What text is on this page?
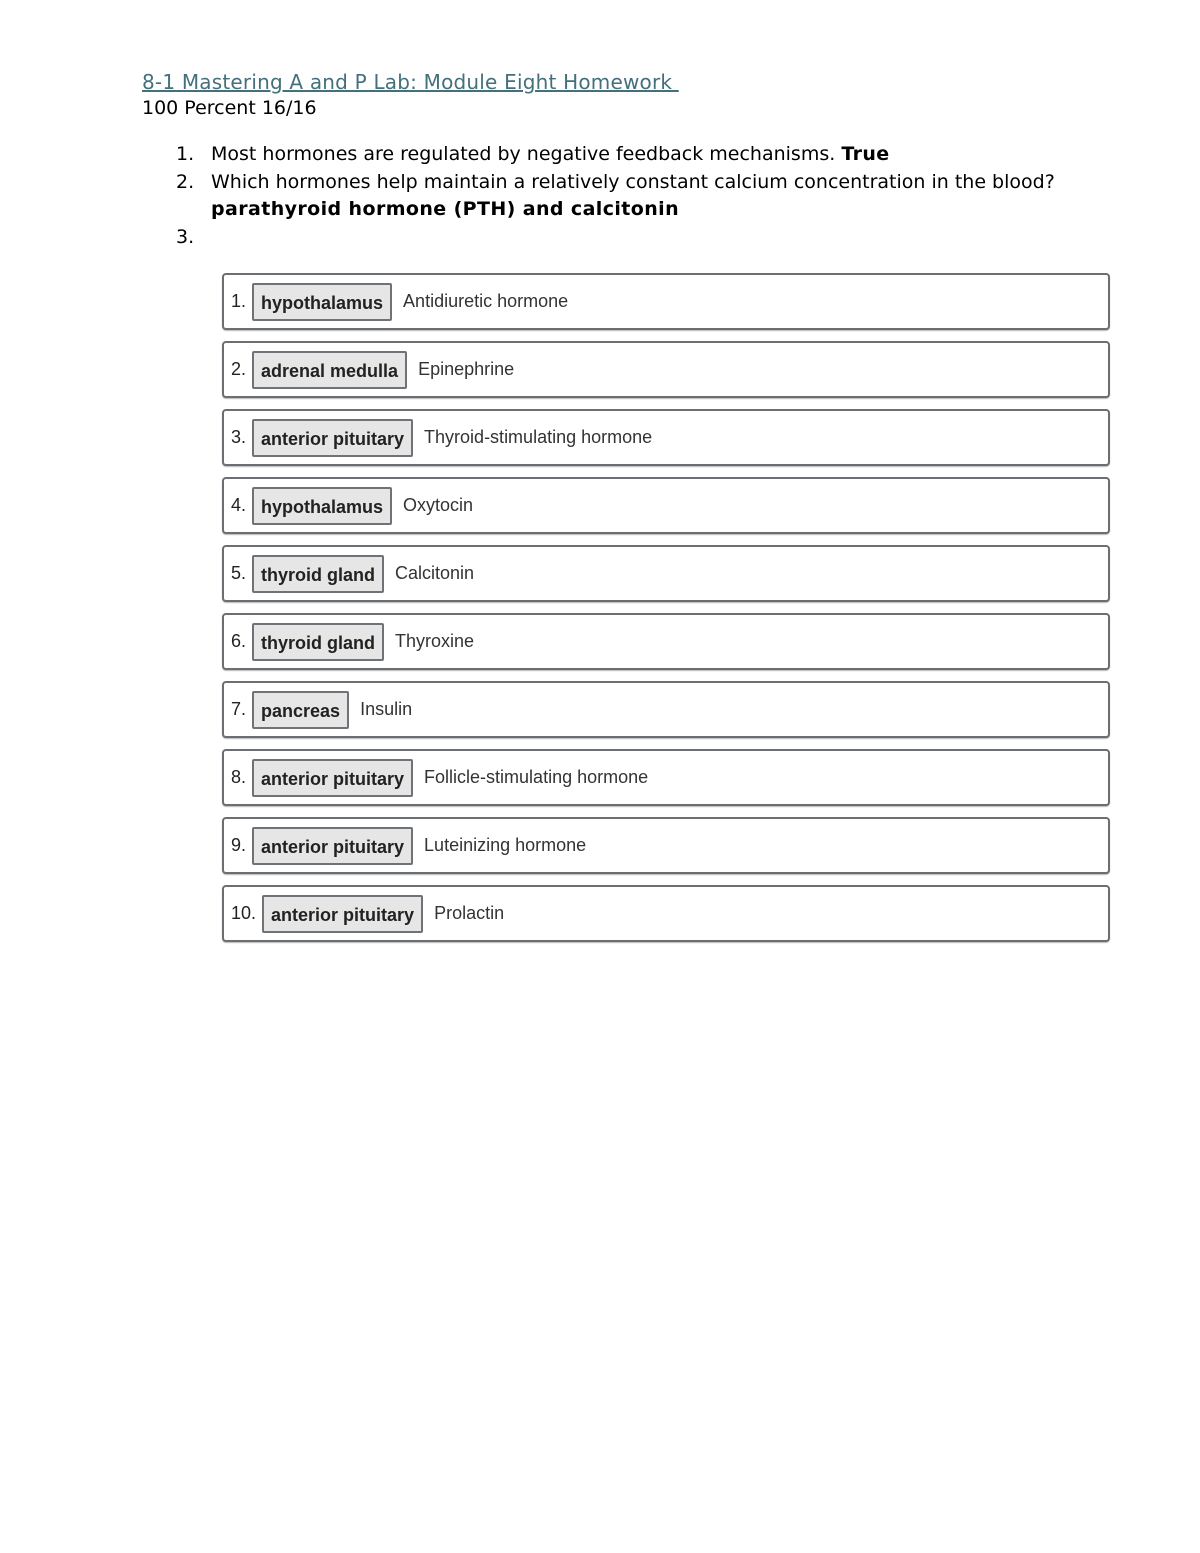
8-1 Mastering A and P Lab: Module Eight Homework
100 Percent 16/16
1. Most hormones are regulated by negative feedback mechanisms. True
2. Which hormones help maintain a relatively constant calcium concentration in the blood? parathyroid hormone (PTH) and calcitonin
3.
1. hypothalamus	Antidiuretic hormone
2. adrenal medulla	Epinephrine
3. anterior pituitary	Thyroid-stimulating hormone
4. hypothalamus	Oxytocin
5. thyroid gland	Calcitonin
6. thyroid gland	Thyroxine
7. pancreas	Insulin
8. anterior pituitary	Follicle-stimulating hormone
9. anterior pituitary	Luteinizing hormone
10. anterior pituitary	Prolactin
